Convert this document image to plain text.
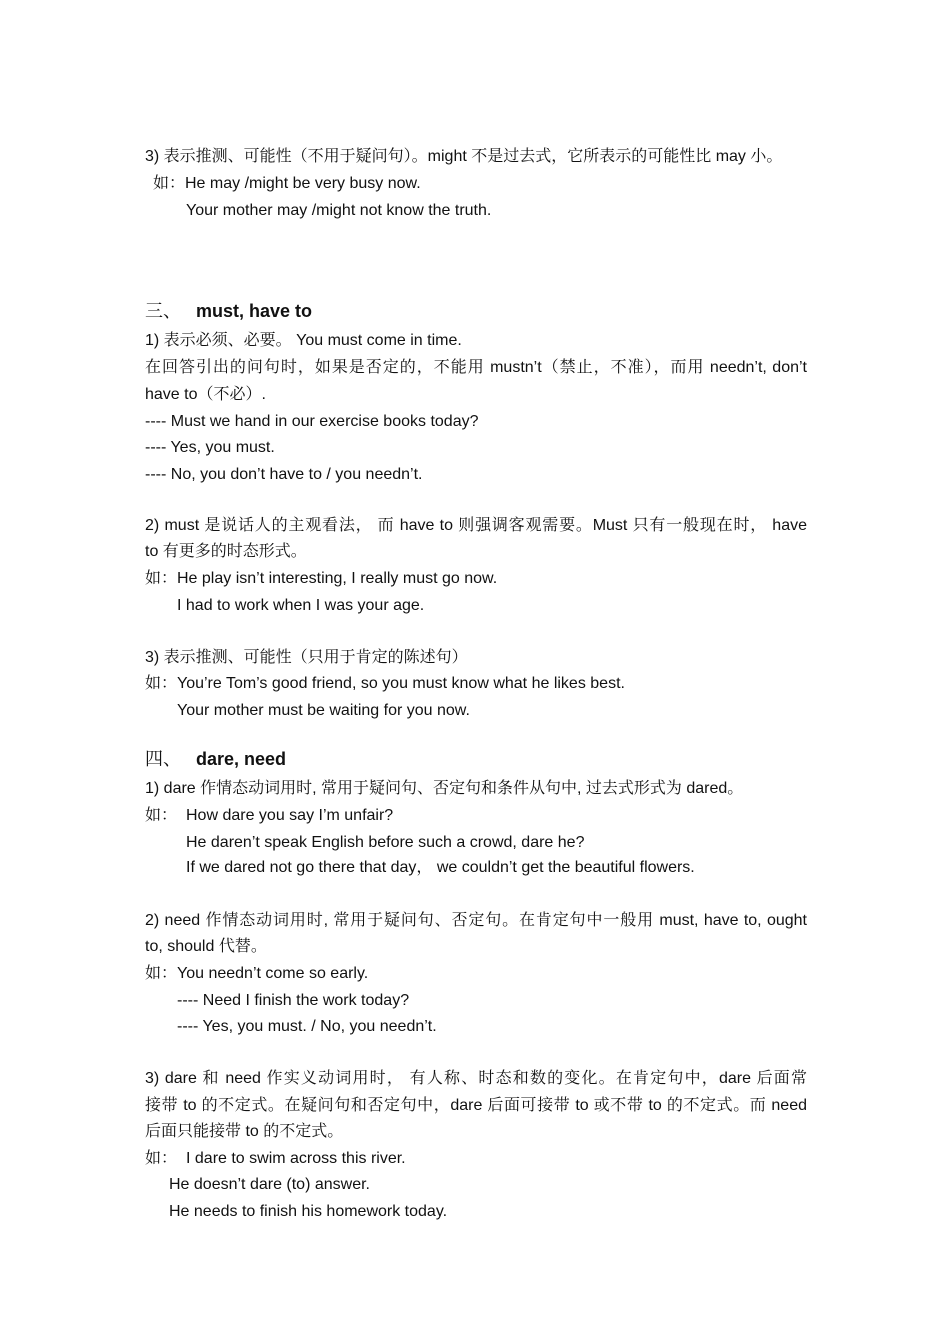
3) 表示推测、可能性（不用于疑问句）。might 不是过去式，它所表示的可能性比 may 小。
如：He may /might be very busy now.
Your mother may /might not know the truth.
三、 must, have to
1) 表示必须、必要。 You must come in time.
在回答引出的问句时，如果是否定的，不能用 mustn’t（禁止，不准），而用 needn’t, don’t
have to（不必）.
---- Must we hand in our exercise books today?
---- Yes, you must.
---- No, you don’t have to / you needn’t.
2) must 是说话人的主观看法， 而 have to 则强调客观需要。Must 只有一般现在时， have
to 有更多的时态形式。
如：He play isn’t interesting, I really must go now.
I had to work when I was your age.
3) 表示推测、可能性（只用于肯定的陈述句）
如：You’re Tom’s good friend, so you must know what he likes best.
Your mother must be waiting for you now.
四、 dare, need
1) dare 作情态动词用时, 常用于疑问句、否定句和条件从句中, 过去式形式为 dared。
如： How dare you say I’m unfair?
He daren’t speak English before such a crowd, dare he?
If we dared not go there that day， we couldn’t get the beautiful flowers.
2) need 作情态动词用时, 常用于疑问句、否定句。在肯定句中一般用 must, have to, ought
to, should 代替。
如：You needn’t come so early.
---- Need I finish the work today?
---- Yes, you must. / No, you needn’t.
3) dare 和 need 作实义动词用时， 有人称、时态和数的变化。在肯定句中，dare 后面常
接带 to 的不定式。在疑问句和否定句中，dare 后面可接带 to 或不带 to 的不定式。而 need
后面只能接带 to 的不定式。
如： I dare to swim across this river.
He doesn’t dare (to) answer.
He needs to finish his homework today.
